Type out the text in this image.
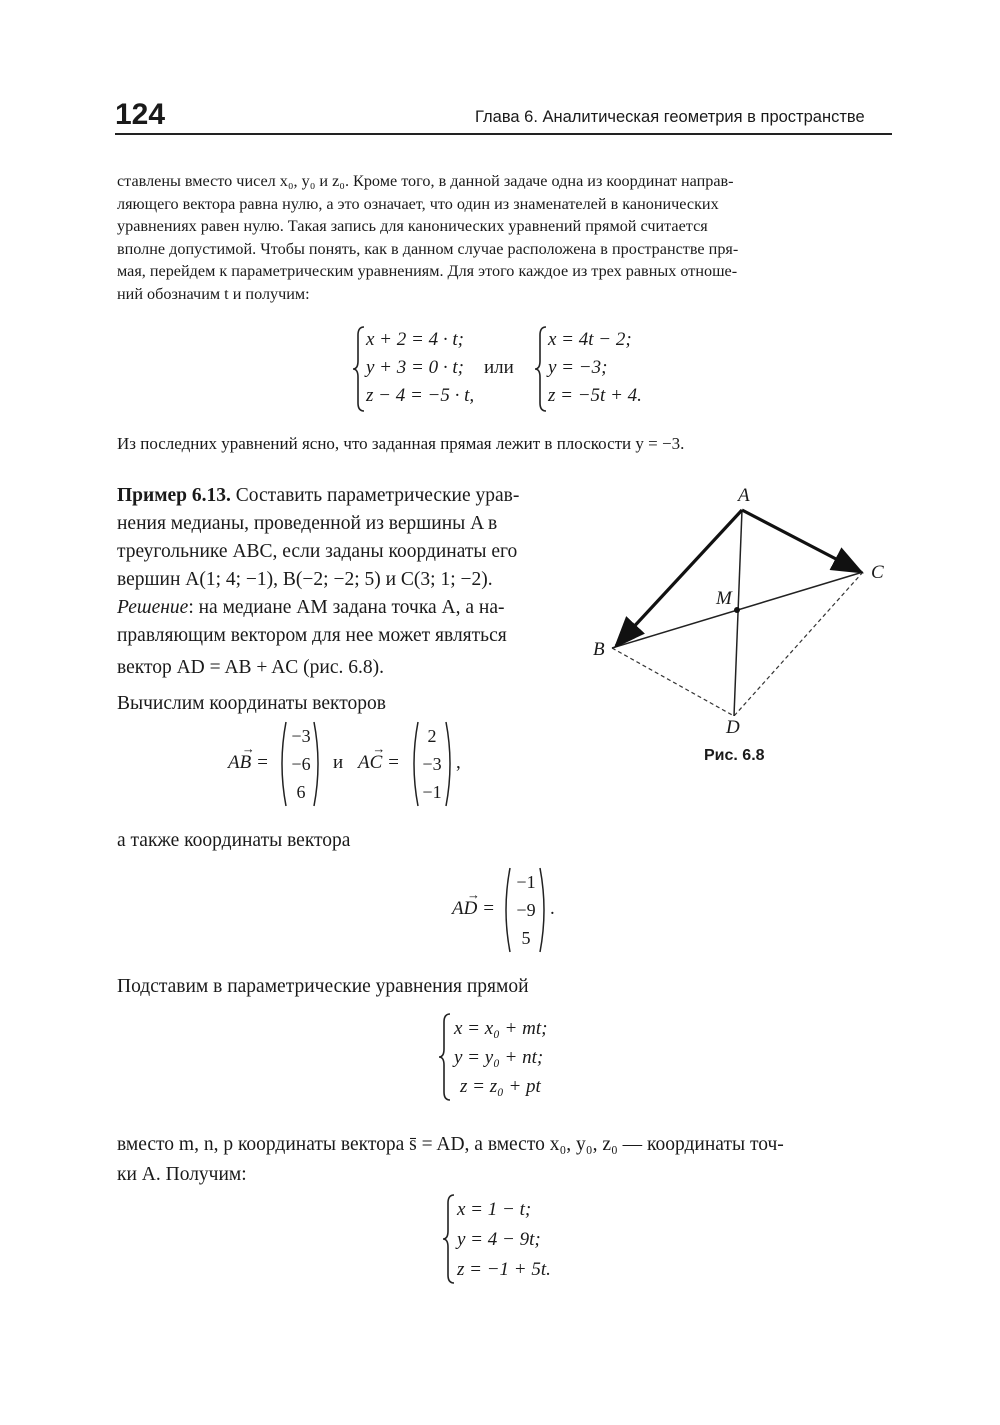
124	Глава 6. Аналитическая геометрия в пространстве
ставлены вместо чисел x₀, y₀ и z₀. Кроме того, в данной задаче одна из координат направ-
ляющего вектора равна нулю, а это означает, что один из знаменателей в канонических
уравнениях равен нулю. Такая запись для канонических уравнений прямой считается
вполне допустимой. Чтобы понять, как в данном случае расположена в пространстве пря-
мая, перейдем к параметрическим уравнениям. Для этого каждое из трех равных отноше-
ний обозначим t и получим:
x + 2 = 4 · t;
y + 3 = 0 · t;
z − 4 = −5 · t,
или
x = 4t − 2;
y = −3;
z = −5t + 4.
Из последних уравнений ясно, что заданная прямая лежит в плоскости y = −3.
Пример 6.13. Составить параметрические урав-
нения медианы, проведенной из вершины A в
треугольнике ABC, если заданы координаты его
вершин A(1; 4; −1), B(−2; −2; 5) и C(3; 1; −2).
Решение: на медиане AM задана точка A, а на-
правляющим вектором для нее может являться
вектор AD = AB + AC (рис. 6.8).
Вычислим координаты векторов
A
B
C
D
M
Рис. 6.8
→
AB =
−3
−6
6
и
→
AC =
2
−3
−1
,
а также координаты вектора
→
AD =
−1
−9
5
.
Подставим в параметрические уравнения прямой
x = x₀ + mt;
y = y₀ + nt;
z = z₀ + pt
вместо m, n, p координаты вектора s̄ = AD, а вместо x₀, y₀, z₀ — координаты точ-
ки A. Получим:
x = 1 − t;
y = 4 − 9t;
z = −1 + 5t.
